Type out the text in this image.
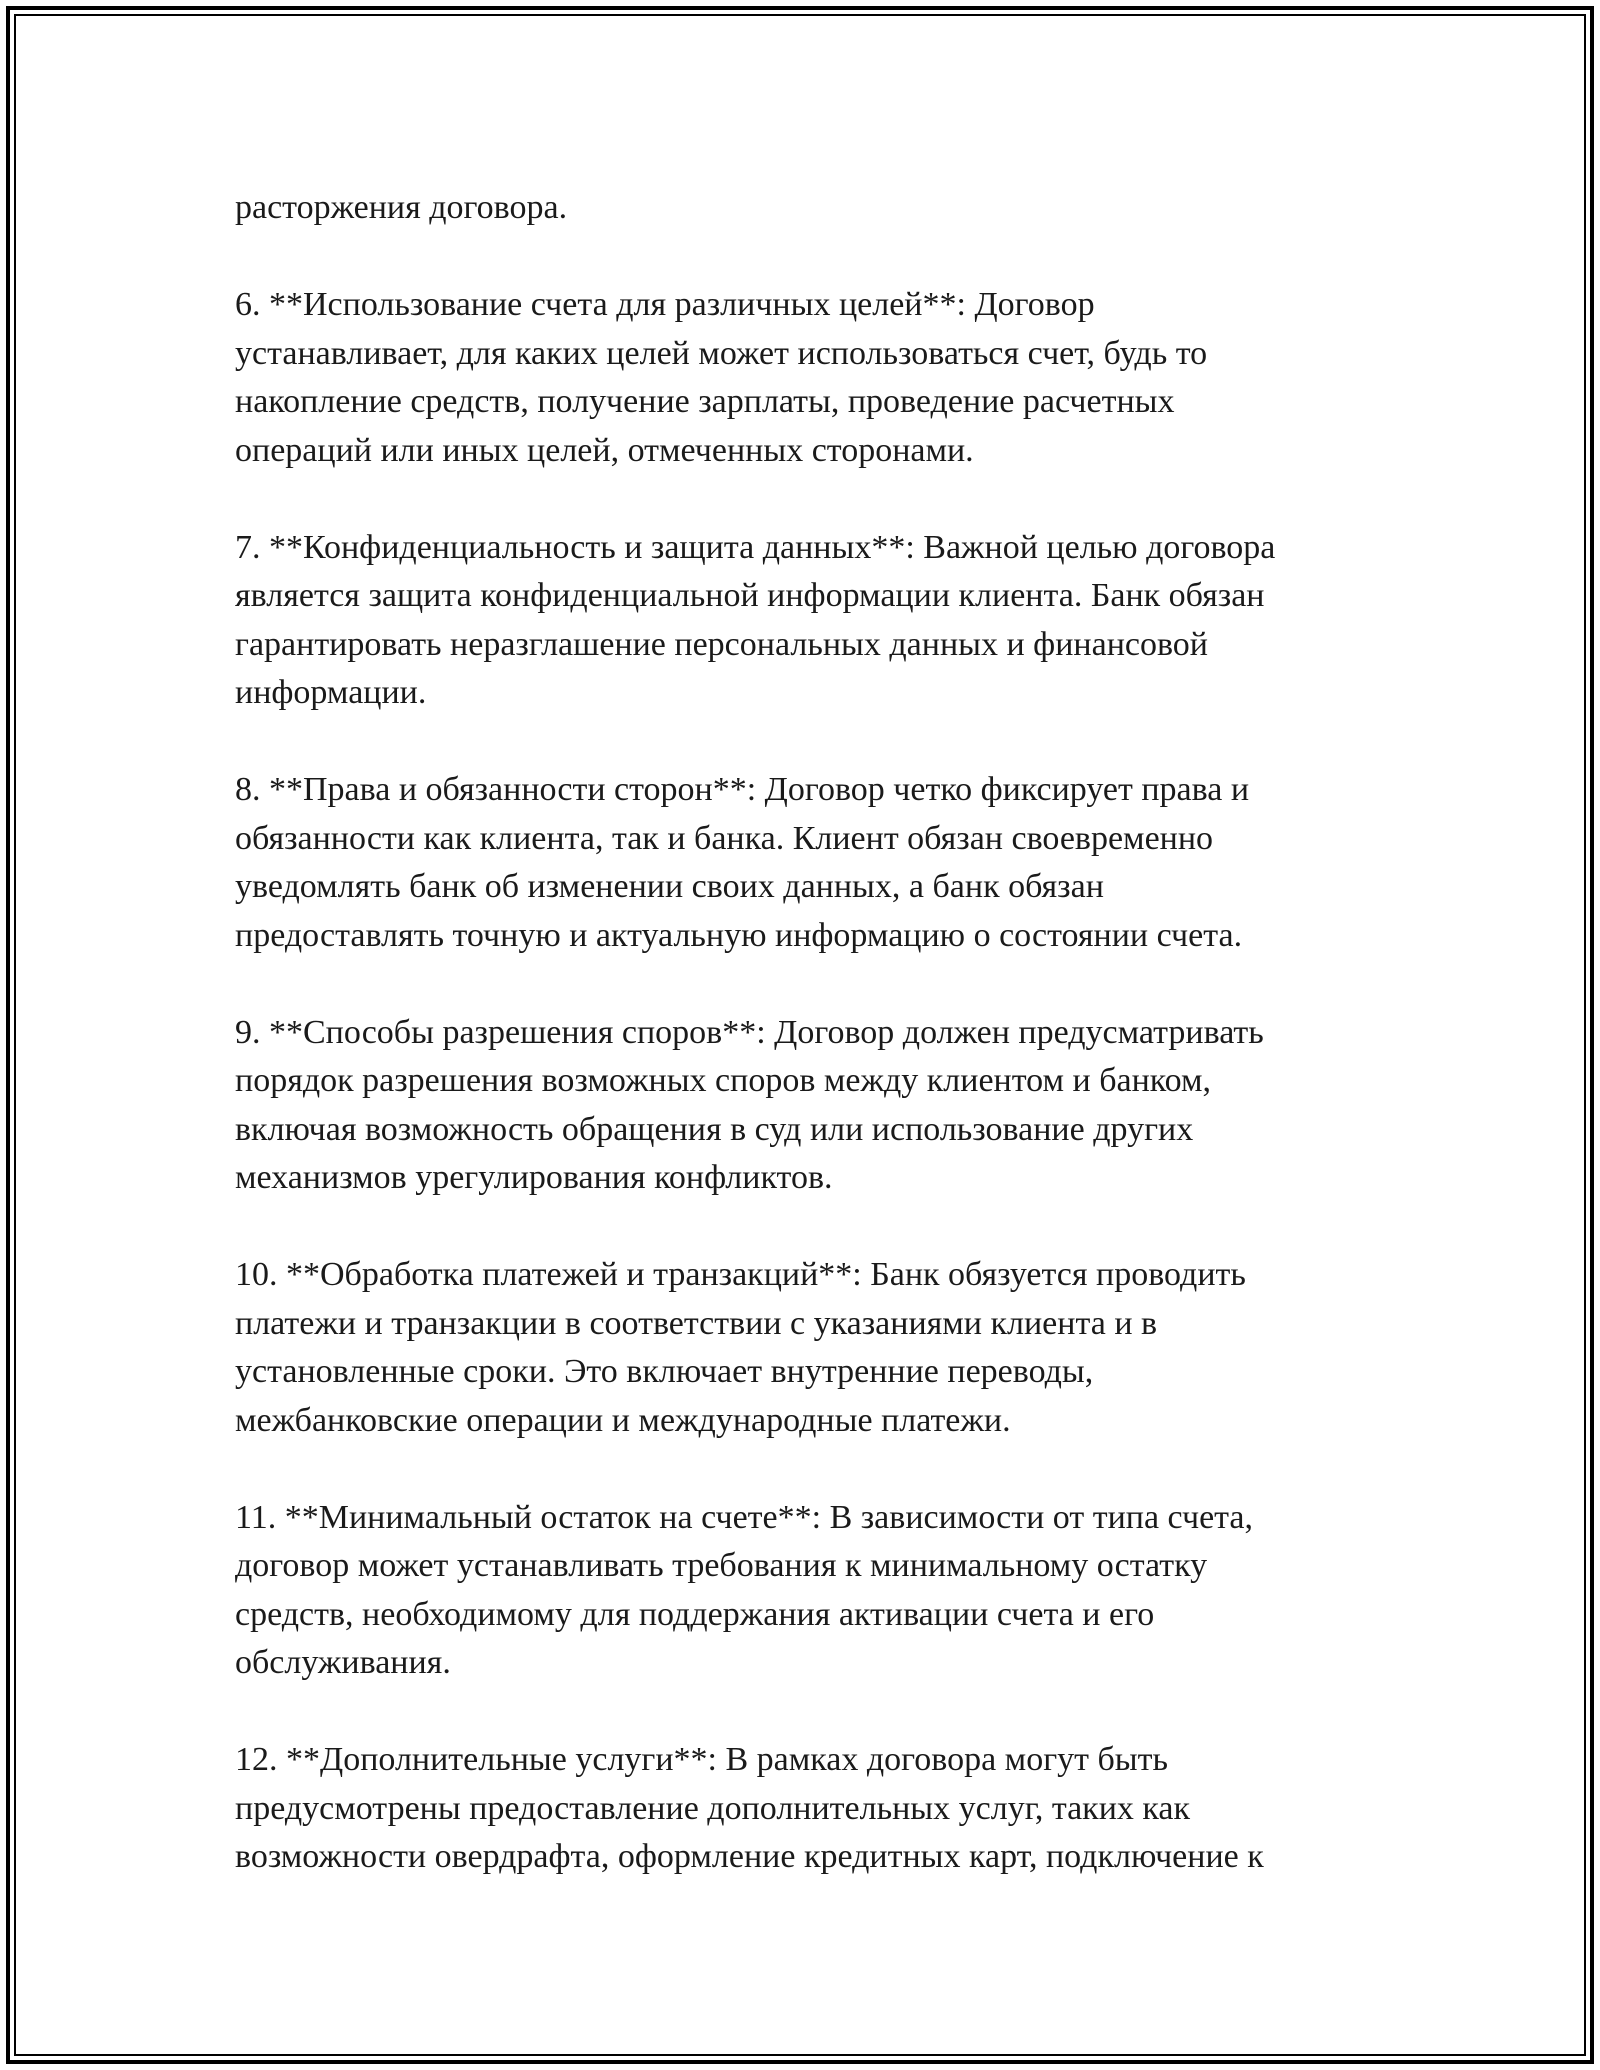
расторжения договора.

6. **Использование счета для различных целей**: Договор
устанавливает, для каких целей может использоваться счет, будь то
накопление средств, получение зарплаты, проведение расчетных
операций или иных целей, отмеченных сторонами.

7. **Конфиденциальность и защита данных**: Важной целью договора
является защита конфиденциальной информации клиента. Банк обязан
гарантировать неразглашение персональных данных и финансовой
информации.

8. **Права и обязанности сторон**: Договор четко фиксирует права и
обязанности как клиента, так и банка. Клиент обязан своевременно
уведомлять банк об изменении своих данных, а банк обязан
предоставлять точную и актуальную информацию о состоянии счета.

9. **Способы разрешения споров**: Договор должен предусматривать
порядок разрешения возможных споров между клиентом и банком,
включая возможность обращения в суд или использование других
механизмов урегулирования конфликтов.

10. **Обработка платежей и транзакций**: Банк обязуется проводить
платежи и транзакции в соответствии с указаниями клиента и в
установленные сроки. Это включает внутренние переводы,
межбанковские операции и международные платежи.

11. **Минимальный остаток на счете**: В зависимости от типа счета,
договор может устанавливать требования к минимальному остатку
средств, необходимому для поддержания активации счета и его
обслуживания.

12. **Дополнительные услуги**: В рамках договора могут быть
предусмотрены предоставление дополнительных услуг, таких как
возможности овердрафта, оформление кредитных карт, подключение к
